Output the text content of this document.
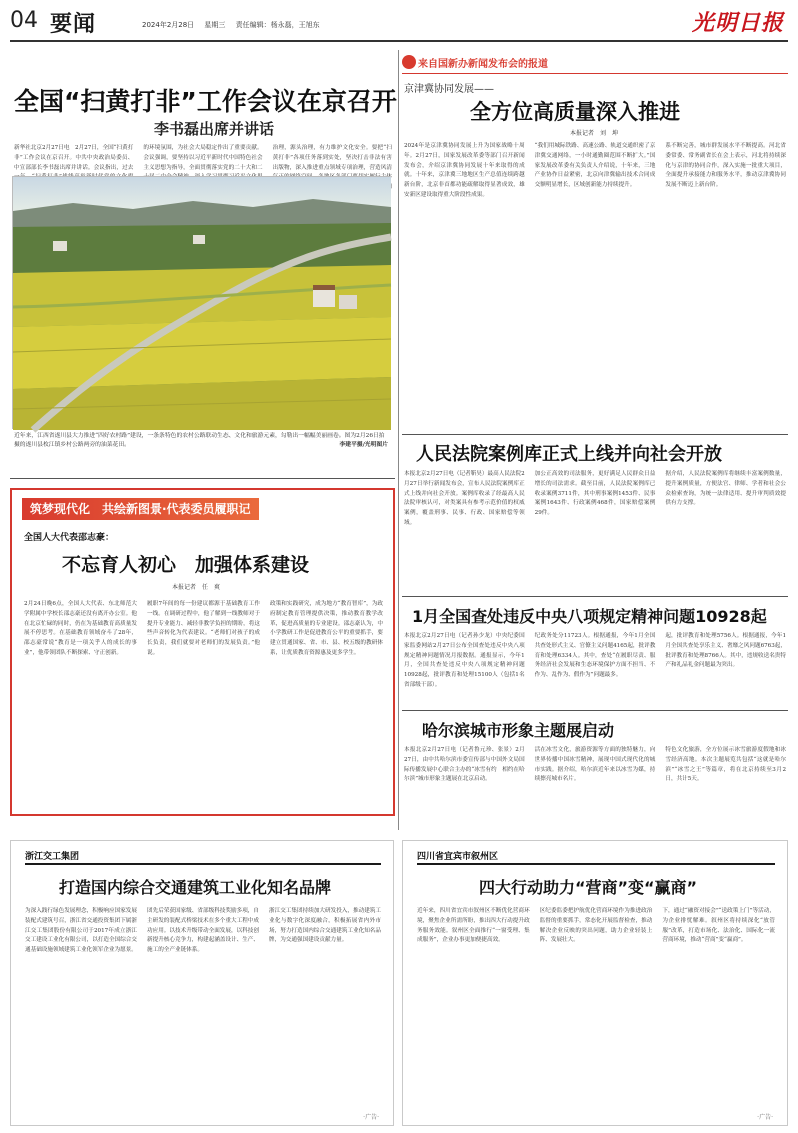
04 要闻	2024年2月28日 星期三 责任编辑：杨永磊，王旭东	光明日报
全国“扫黄打非”工作会议在京召开
李书磊出席并讲话

新华社北京2月27日电　2月27日，全国“扫黄打非”工作会议在京召开。中共中央政治局委员、中宣部部长李书磊出席并讲话。会议指出，过去

的环境氛围，为社会大局稳定作出了重要贡献。会议强调，要坚持以习近平新时代中国特色社会主义思想为指导，全面贯彻落实党的二十大和二

治理，源头治理，有力维护文化安全。要把“扫黄打非”各项任务落到实处，坚决打击非法有害出版物，深入推进重点领域专项治理，营造风清

近年来，江西省遂川县大力推进“四好农村路”建设，一条条特色的农村公路联动生态、文化和旅游元素，勾勒出一幅幅美丽画卷。图为2月26日拍摄的遂川县枚江镇乡村公路两旁的油菜花田。	李建平摄/光明图片
筑梦现代化　共绘新图景·代表委员履职记
全国人大代表邵志豪：
不忘育人初心　加强体系建设
本报记者　任　爽

2月24日晚6点，全国人大代表、东北师范大学附属中学校长邵志豪还没有离开办公室。他在北京忙碌的同时，仍在为基础教育高质量发展不停思考。在基础教育领域奋斗了28年，邵志豪常说“教育是一项关乎人的成长的事业”，他带领团队不断探索、守正创新。

履职7年间的每一份建议都源于基础教育工作一线。在调研过程中，他了解到一线教师对于提升专业能力、减轻非教学负担的期盼，将这些声音转化为代表建议。“老师们对孩子的成长负责，我们就要对老师们的发展负责。”他说。

政策和实践研究，成为地方“教育智库”，为政府制定教育管理提供决策，推动教育教学改革，促进高质量的专业建设。邵志豪认为，中小学教研工作是促进教育公平的重要抓手，要建立贯通国家、省、市、县、校五级的教研体系，让优质教育资源惠及更多学生。

来自国新办新闻发布会的报道
京津冀协同发展——
全方位高质量深入推进
本报记者　刘　坤

2024年是京津冀协同发展上升为国家战略十周年。2月27日，国家发展改革委等部门召开新闻发布会，介绍京津冀协同发展十年来取得的成就。十年来，京津冀三地地区生产总值连续跨越新台阶，北京非首都功能疏解取得显著成效，雄安新区建设取得重大阶段性成果。

“我们用城际铁路、高速公路、轨道交通织密了京津冀交通网络，一小时通勤圈范围不断扩大。”国家发展改革委有关负责人介绍说，十年来，三地产业协作日益紧密，北京向津冀输出技术合同成交额明显增长，区域创新能力持续提升。

系不断完善，城市群发展水平不断提高。河北省委常委、常务副省长在会上表示，河北将持续深化与京津的协同合作，深入实施一批重大项目，全面提升承接能力和服务水平，推动京津冀协同发展不断迈上新台阶。

人民法院案例库正式上线并向社会开放

本报北京2月27日电（记者靳昊）最高人民法院2月27日举行新闻发布会，宣布人民法院案例库正式上线并向社会开放。案例库收录了经最高人民法院审核认可，对类案具有参考示范价值的权威案例，覆盖刑事、民事、行政、国家赔偿等领域。

加公正高效的司法服务，更好满足人民群众日益增长的司法需求。截至目前，人民法院案例库已收录案例3711件，其中刑事案例1453件、民事案例1643件、行政案例468件，国家赔偿案例29件。

据介绍，人民法院案例库将继续丰富案例数量，提升案例质量，方便法官、律师、学者和社会公众检索查询，为统一法律适用、提升审判质效提供有力支撑。

1月全国查处违反中央八项规定精神问题10928起

本报北京2月27日电（记者孙少龙）中央纪委国家监委网站2月27日公布全国查处违反中央八项规定精神问题情况月报数据。通报显示，今年1月，全国共查处违反中央八项规定精神问题10928起，批评教育和处理15100人（包括1名省部级干部）。

纪政务处分11723人。根据通报，今年1月全国共查处形式主义、官僚主义问题4165起，批评教育和处理6334人。其中，查处“在履职尽责、服务经济社会发展和生态环境保护方面不担当、不作为、乱作为、假作为”问题最多。

起，批评教育和处理5756人。根据通报，今年1月全国共查处享乐主义、奢靡之风问题6763起，批评教育和处理8766人。其中，违规收送名贵特产和礼品礼金问题最为突出。

哈尔滨城市形象主题展启动

本报北京2月27日电（记者鲁元珍、张景）2月27日，由中共哈尔滨市委宣传部与中国外文局国际传播发展中心联合主办的“冰雪有约　相约在哈尔滨”城市形象主题展在北京启动。

活在冰雪文化，旅游资源等方面的独特魅力，向世界传播中国冰雪精神，展现中国式现代化的城市实践。据介绍，哈尔滨近年来以冰雪为媒，持续擦亮城市名片。

特色文化旅游，全方位展示冰雪旅游度假地和冰雪经济高地。本次主题展览共包括“这就是哈尔滨”“冰雪之王”等篇章，将在北京持续至3月2日，共计5天。

浙江交工集团
打造国内综合交通建筑工业化知名品牌

为深入践行绿色发展理念，积极响应国家发展装配式建筑号召，浙江省交通投资集团下属浙江交工集团股份有限公司于2017年成立浙江交工建设工业化有限公司，以打造全国综合交通基础设施领域建筑工业化领军企业为愿景。

团先后荣获国家级、省部级科技奖励多项，自主研发的装配式桥梁技术在多个重大工程中成功应用。以技术升级带动全面发展，以科技创新提升核心竞争力，构建起涵盖设计、生产、施工的全产业链体系。

浙江交工集团持续加大研发投入，推动建筑工业化与数字化深度融合，积极拓展省内外市场，努力打造国内综合交通建筑工业化知名品牌，为交通强国建设贡献力量。

·广告·
四川省宜宾市叙州区
四大行动助力“营商”变“赢商”

近年来，四川省宜宾市叙州区不断优化营商环境，聚焦企业所需所盼，推出四大行动提升政务服务效能。叙州区全面推行“一窗受理、集成服务”，企业办事更加便捷高效。

区纪委监委把护航优化营商环境作为推进政治监督的重要抓手，常态化开展监督检查，推动解决企业反映的突出问题，助力企业轻装上阵、发展壮大。

下，通过“融资对接会”“送政策上门”等活动，为企业排忧解难。叙州区将持续深化“放管服”改革，打造市场化、法治化、国际化一流营商环境，推动“营商”变“赢商”。

·广告·
